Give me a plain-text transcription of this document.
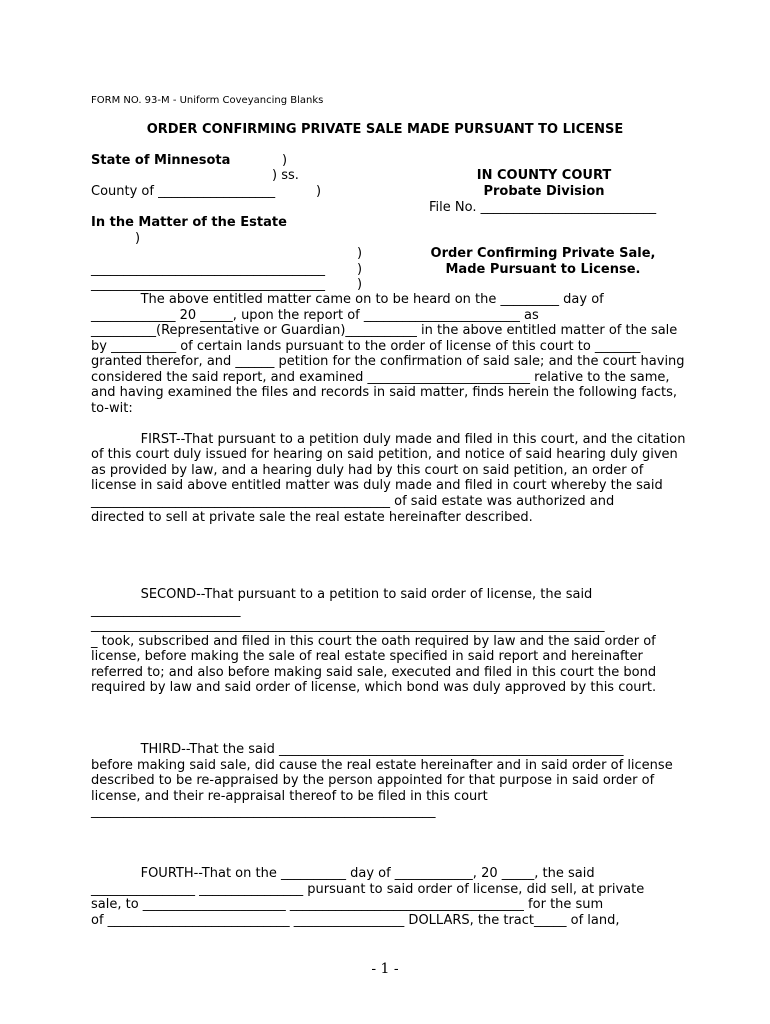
FORM NO. 93-M - Uniform Coveyancing Blanks
ORDER CONFIRMING PRIVATE SALE MADE PURSUANT TO LICENSE
State of Minnesota	)
) ss.	IN COUNTY COURT
County of __________________	)	Probate Division
File No. ___________________________
In the Matter of the Estate
)
)	Order Confirming Private Sale,
____________________________________ )	Made Pursuant to License.
____________________________________ )
The above entitled matter came on to be heard on the _________ day of
_____________ 20 _____, upon the report of ________________________ as
__________(Representative or Guardian)___________ in the above entitled matter of the sale
by __________ of certain lands pursuant to the order of license of this court to _______
granted therefor, and ______ petition for the confirmation of said sale; and the court having
considered the said report, and examined _________________________ relative to the same,
and having examined the files and records in said matter, finds herein the following facts,
to-wit:
FIRST--That pursuant to a petition duly made and filed in this court, and the citation
of this court duly issued for hearing on said petition, and notice of said hearing duly given
as provided by law, and a hearing duly had by this court on said petition, an order of
license in said above entitled matter was duly made and filed in court whereby the said
______________________________________________ of said estate was authorized and
directed to sell at private sale the real estate hereinafter described.
SECOND--That pursuant to a petition to said order of license, the said
_______________________
_______________________________________________________________________________
_ took, subscribed and filed in this court the oath required by law and the said order of
license, before making the sale of real estate specified in said report and hereinafter
referred to; and also before making said sale, executed and filed in this court the bond
required by law and said order of license, which bond was duly approved by this court.
THIRD--That the said _____________________________________________________
before making said sale, did cause the real estate hereinafter and in said order of license
described to be re-appraised by the person appointed for that purpose in said order of
license, and their re-appraisal thereof to be filed in this court
_____________________________________________________
FOURTH--That on the __________ day of ____________, 20 _____, the said
________________ ________________ pursuant to said order of license, did sell, at private
sale, to ______________________ ____________________________________ for the sum
of ____________________________ _________________ DOLLARS, the tract_____ of land,
- 1 -
